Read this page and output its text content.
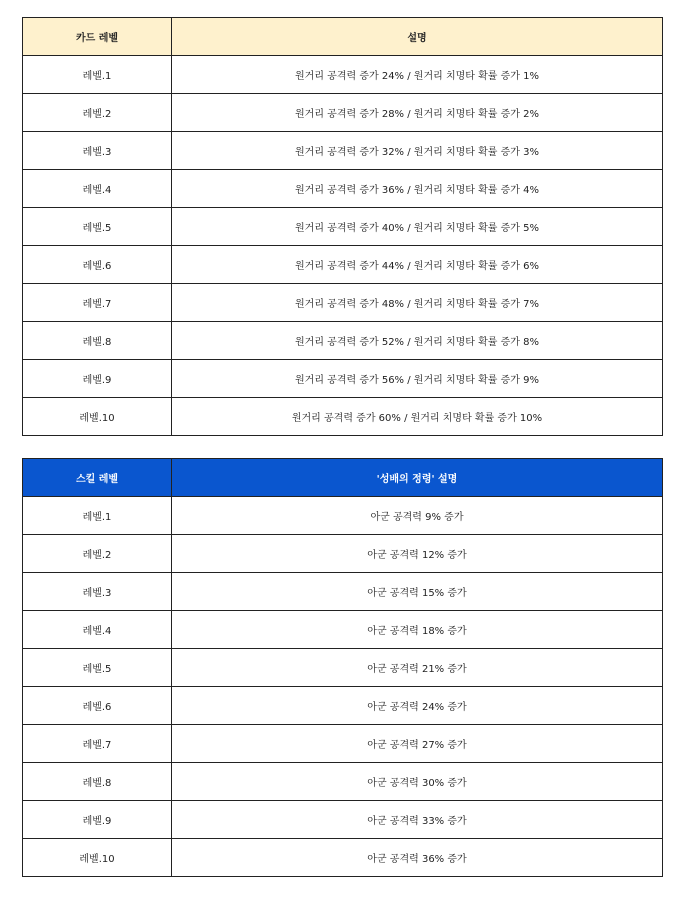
카드 레벨	설명
레벨.1	원거리 공격력 증가 24% / 원거리 치명타 확률 증가 1%
레벨.2	원거리 공격력 증가 28% / 원거리 치명타 확률 증가 2%
레벨.3	원거리 공격력 증가 32% / 원거리 치명타 확률 증가 3%
레벨.4	원거리 공격력 증가 36% / 원거리 치명타 확률 증가 4%
레벨.5	원거리 공격력 증가 40% / 원거리 치명타 확률 증가 5%
레벨.6	원거리 공격력 증가 44% / 원거리 치명타 확률 증가 6%
레벨.7	원거리 공격력 증가 48% / 원거리 치명타 확률 증가 7%
레벨.8	원거리 공격력 증가 52% / 원거리 치명타 확률 증가 8%
레벨.9	원거리 공격력 증가 56% / 원거리 치명타 확률 증가 9%
레벨.10	원거리 공격력 증가 60% / 원거리 치명타 확률 증가 10%
스킬 레벨	'성배의 정령' 설명
레벨.1	아군 공격력 9% 증가
레벨.2	아군 공격력 12% 증가
레벨.3	아군 공격력 15% 증가
레벨.4	아군 공격력 18% 증가
레벨.5	아군 공격력 21% 증가
레벨.6	아군 공격력 24% 증가
레벨.7	아군 공격력 27% 증가
레벨.8	아군 공격력 30% 증가
레벨.9	아군 공격력 33% 증가
레벨.10	아군 공격력 36% 증가
